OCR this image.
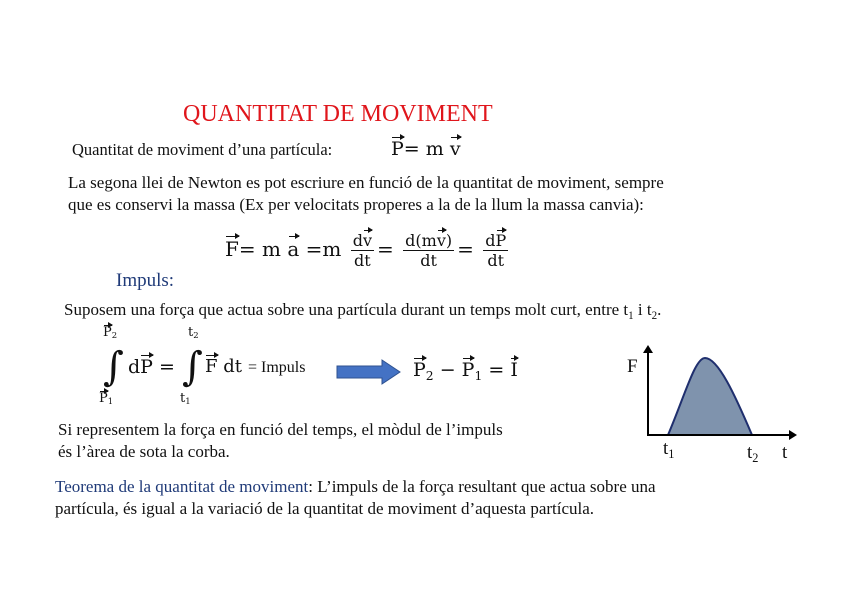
QUANTITAT DE MOVIMENT
Quantitat de moviment d’una partícula:	P= m v
La segona llei de Newton es pot escriure en funció de la quantitat de moviment, sempre
que es conservi la massa (Ex per velocitats properes a la de la llum la massa canvia):
F= m $a =m \frac{dv}{dt} = \frac{d(mv)}{dt} = \frac{dP}{dt}$
Impuls:
Suposem una força que actua sobre una partícula durant un temps molt curt, entre $t_1$ i $t_2$.
$P_2$
∫
$P_1$
dP =
$t_2$
∫
$t_1$
F dt = Impuls	$P_2 - P_1 = I$	F
t
$t_1$	$t_2$
Si representem la força en funció del temps, el mòdul de l’impuls
és l’àrea de sota la corba.
Teorema de la quantitat de moviment: L’impuls de la força resultant que actua sobre una
partícula, és igual a la variació de la quantitat de moviment d’aquesta partícula.
